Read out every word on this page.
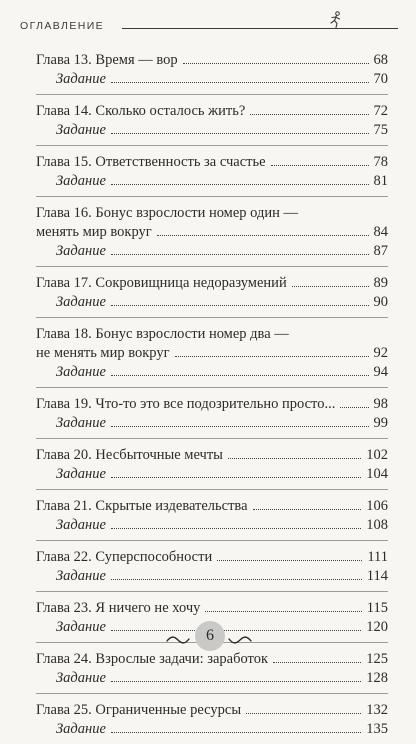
ОГЛАВЛЕНИЕ
Глава 13. Время — вор	68
Задание	70
Глава 14. Сколько осталось жить?	72
Задание	75
Глава 15. Ответственность за счастье	78
Задание	81
Глава 16. Бонус взрослости номер один —
менять мир вокруг	84
Задание	87
Глава 17. Сокровищница недоразумений	89
Задание	90
Глава 18. Бонус взрослости номер два —
не менять мир вокруг	92
Задание	94
Глава 19. Что-то это все подозрительно просто...	98
Задание	99
Глава 20. Несбыточные мечты	102
Задание	104
Глава 21. Скрытые издевательства	106
Задание	108
Глава 22. Суперспособности	111
Задание	114
Глава 23. Я ничего не хочу	115
Задание	120
Глава 24. Взрослые задачи: заработок	125
Задание	128
Глава 25. Ограниченные ресурсы	132
Задание	135
6
